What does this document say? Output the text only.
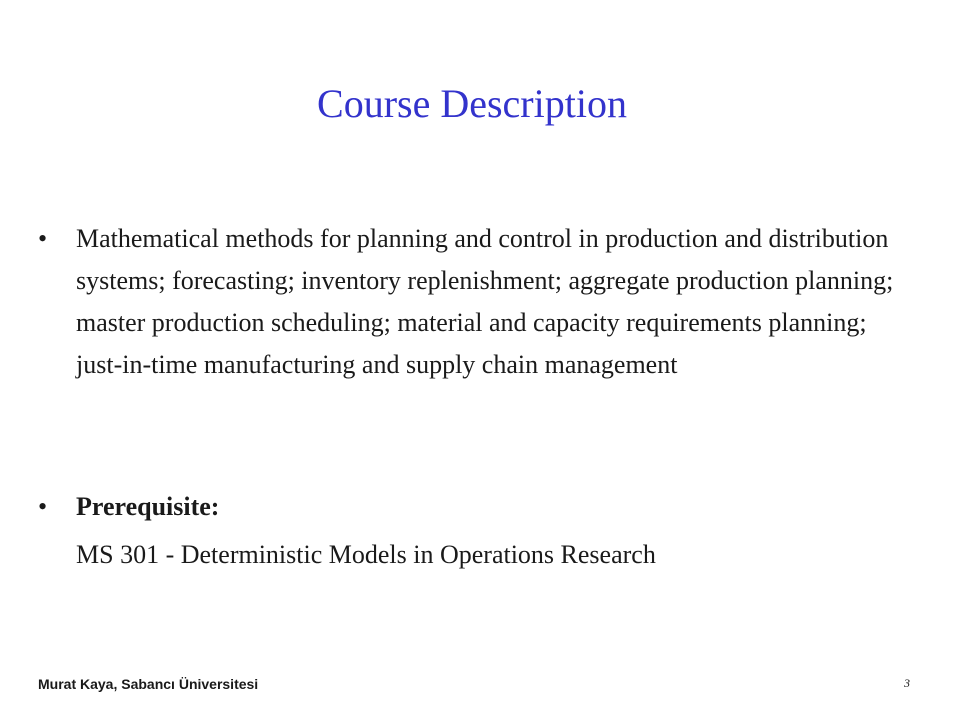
Course Description
•	Mathematical methods for planning and control in production and distribution systems; forecasting; inventory replenishment; aggregate production planning; master production scheduling; material and capacity requirements planning; just-in-time manufacturing and supply chain management
•	Prerequisite:
MS 301 - Deterministic Models in Operations Research
Murat Kaya, Sabancı Üniversitesi	3
